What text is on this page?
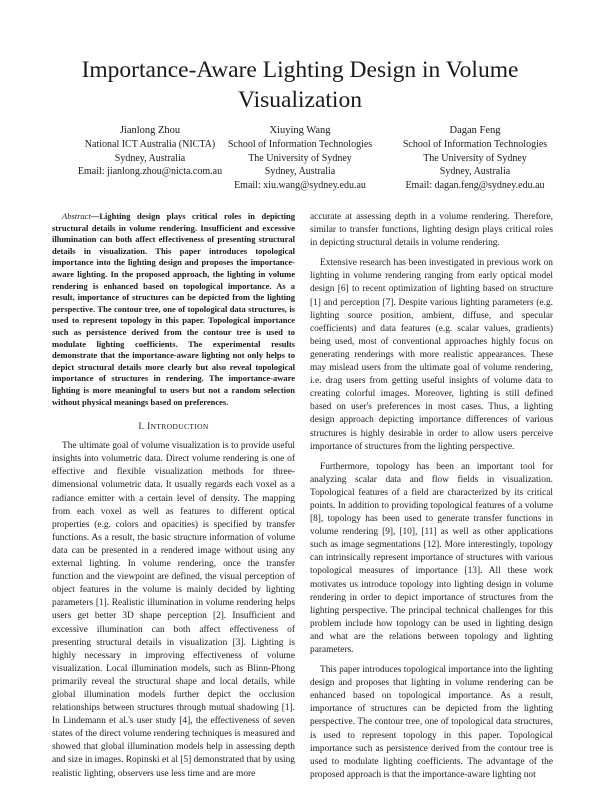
Importance-Aware Lighting Design in Volume Visualization
Jianlong Zhou
National ICT Australia (NICTA)
Sydney, Australia
Email: jianlong.zhou@nicta.com.au
Xiuying Wang
School of Information Technologies
The University of Sydney
Sydney, Australia
Email: xiu.wang@sydney.edu.au
Dagan Feng
School of Information Technologies
The University of Sydney
Sydney, Australia
Email: dagan.feng@sydney.edu.au

Abstract—Lighting design plays critical roles in depicting structural details in volume rendering. Insufficient and excessive illumination can both affect effectiveness of presenting structural details in visualization. This paper introduces topological importance into the lighting design and proposes the importance-aware lighting. In the proposed approach, the lighting in volume rendering is enhanced based on topological importance. As a result, importance of structures can be depicted from the lighting perspective. The contour tree, one of topological data structures, is used to represent topology in this paper. Topological importance such as persistence derived from the contour tree is used to modulate lighting coefficients. The experimental results demonstrate that the importance-aware lighting not only helps to depict structural details more clearly but also reveal topological importance of structures in rendering. The importance-aware lighting is more meaningful to users but not a random selection without physical meanings based on preferences.

I. INTRODUCTION

The ultimate goal of volume visualization is to provide useful insights into volumetric data. Direct volume rendering is one of effective and flexible visualization methods for three-dimensional volumetric data. It usually regards each voxel as a radiance emitter with a certain level of density. The mapping from each voxel as well as features to different optical properties (e.g. colors and opacities) is specified by transfer functions. As a result, the basic structure information of volume data can be presented in a rendered image without using any external lighting. In volume rendering, once the transfer function and the viewpoint are defined, the visual perception of object features in the volume is mainly decided by lighting parameters [1]. Realistic illumination in volume rendering helps users get better 3D shape perception [2]. Insufficient and excessive illumination can both affect effectiveness of presenting structural details in visualization [3]. Lighting is highly necessary in improving effectiveness of volume visualization. Local illumination models, such as Blinn-Phong primarily reveal the structural shape and local details, while global illumination models further depict the occlusion relationships between structures through mutual shadowing [1]. In Lindemann et al.'s user study [4], the effectiveness of seven states of the direct volume rendering techniques is measured and showed that global illumination models help in assessing depth and size in images. Ropinski et al [5] demonstrated that by using realistic lighting, observers use less time and are more

accurate at assessing depth in a volume rendering. Therefore, similar to transfer functions, lighting design plays critical roles in depicting structural details in volume rendering.

Extensive research has been investigated in previous work on lighting in volume rendering ranging from early optical model design [6] to recent optimization of lighting based on structure [1] and perception [7]. Despite various lighting parameters (e.g. lighting source position, ambient, diffuse, and specular coefficients) and data features (e.g. scalar values, gradients) being used, most of conventional approaches highly focus on generating renderings with more realistic appearances. These may mislead users from the ultimate goal of volume rendering, i.e. drag users from getting useful insights of volume data to creating colorful images. Moreover, lighting is still defined based on user's preferences in most cases. Thus, a lighting design approach depicting importance differences of various structures is highly desirable in order to allow users perceive importance of structures from the lighting perspective.

Furthermore, topology has been an important tool for analyzing scalar data and flow fields in visualization. Topological features of a field are characterized by its critical points. In addition to providing topological features of a volume [8], topology has been used to generate transfer functions in volume rendering [9], [10], [11] as well as other applications such as image segmentations [12]. More interestingly, topology can intrinsically represent importance of structures with various topological measures of importance [13]. All these work motivates us introduce topology into lighting design in volume rendering in order to depict importance of structures from the lighting perspective. The principal technical challenges for this problem include how topology can be used in lighting design and what are the relations between topology and lighting parameters.

This paper introduces topological importance into the lighting design and proposes that lighting in volume rendering can be enhanced based on topological importance. As a result, importance of structures can be depicted from the lighting perspective. The contour tree, one of topological data structures, is used to represent topology in this paper. Topological importance such as persistence derived from the contour tree is used to modulate lighting coefficients. The advantage of the proposed approach is that the importance-aware lighting not
